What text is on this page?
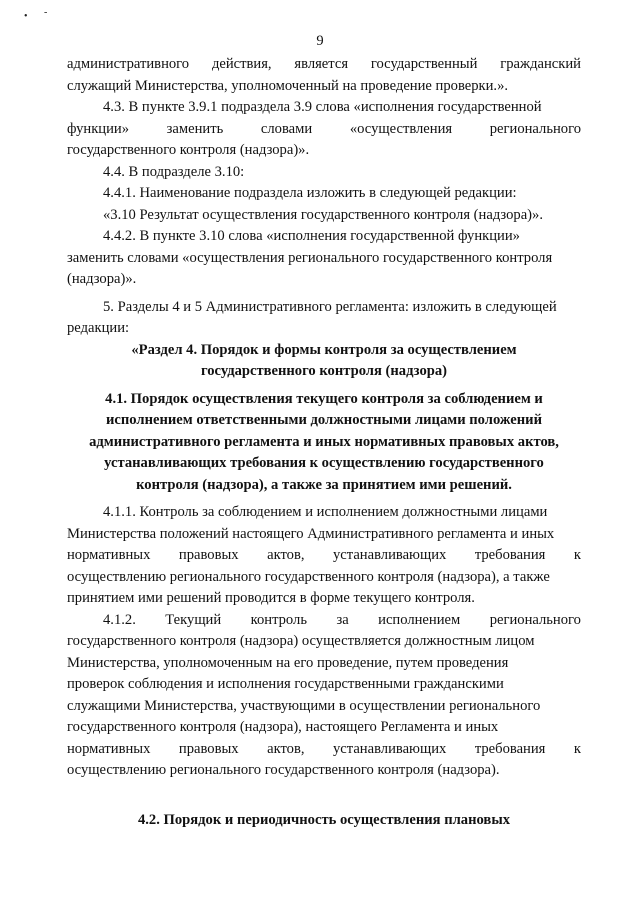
• -
9
административного действия, является государственный гражданский
служащий Министерства, уполномоченный на проведение проверки.».
4.3. В пункте 3.9.1 подраздела 3.9 слова «исполнения государственной
функции»	заменить	словами	«осуществления	регионального
государственного контроля (надзора)».
4.4. В подразделе 3.10:
4.4.1. Наименование подраздела изложить в следующей редакции:
«3.10 Результат осуществления государственного контроля (надзора)».
4.4.2. В пункте 3.10 слова «исполнения государственной функции»
заменить словами «осуществления регионального государственного контроля
(надзора)».
5. Разделы 4 и 5 Административного регламента: изложить в следующей
редакции:
«Раздел 4. Порядок и формы контроля за осуществлением
государственного контроля (надзора)
4.1. Порядок осуществления текущего контроля за соблюдением и
исполнением ответственными должностными лицами положений
административного регламента и иных нормативных правовых актов,
устанавливающих требования к осуществлению государственного
контроля (надзора), а также за принятием ими решений.
4.1.1. Контроль за соблюдением и исполнением должностными лицами
Министерства положений настоящего Административного регламента и иных
нормативных правовых актов, устанавливающих требования к
осуществлению регионального государственного контроля (надзора), а также
принятием ими решений проводится в форме текущего контроля.
4.1.2. Текущий контроль за исполнением регионального
государственного контроля (надзора) осуществляется должностным лицом
Министерства, уполномоченным на его проведение, путем проведения
проверок соблюдения и исполнения государственными гражданскими
служащими Министерства, участвующими в осуществлении регионального
государственного контроля (надзора), настоящего Регламента и иных
нормативных правовых актов, устанавливающих требования к
осуществлению регионального государственного контроля (надзора).
4.2. Порядок и периодичность осуществления плановых
